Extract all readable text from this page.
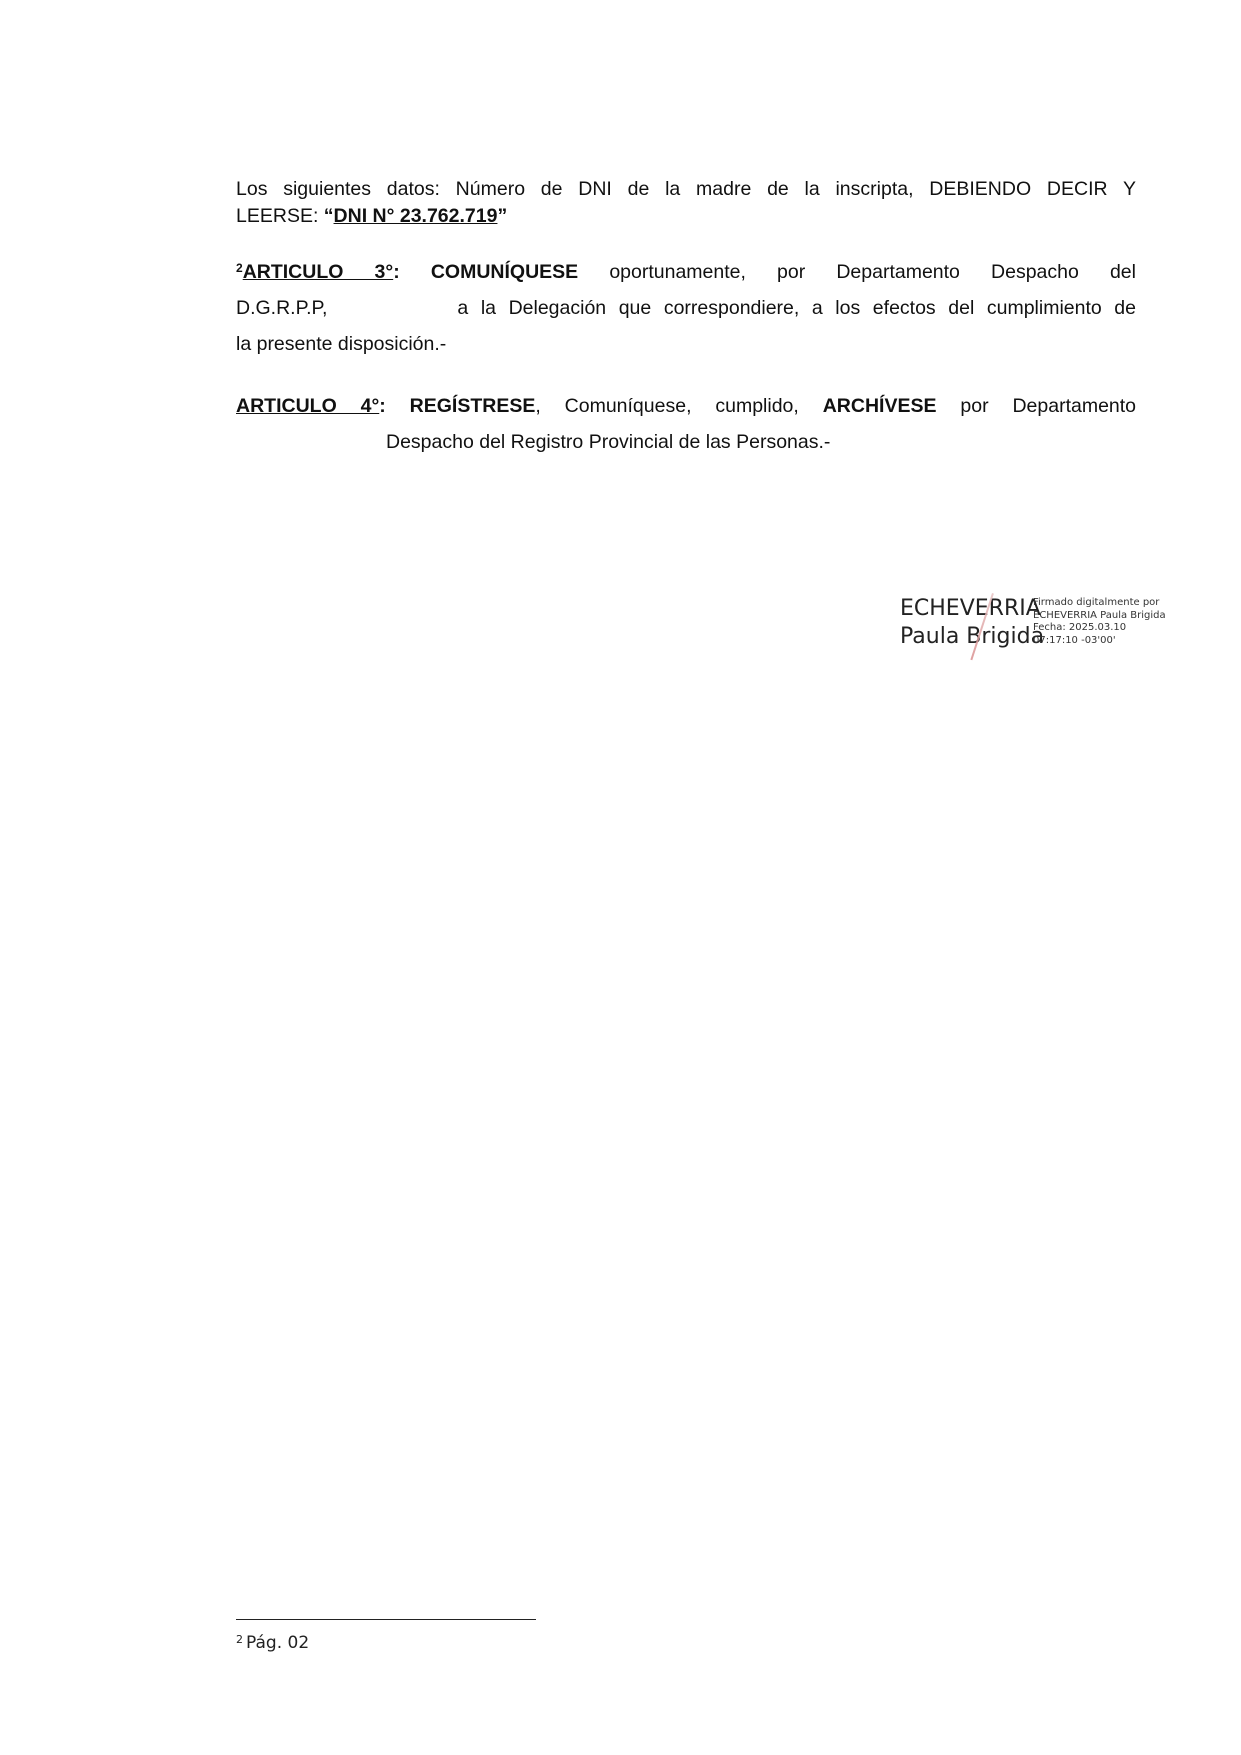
Los siguientes datos: Número de DNI de la madre de la inscripta, DEBIENDO DECIR Y
LEERSE: “DNI N° 23.762.719”
$^2$ARTICULO 3°: COMUNÍQUESE oportunamente, por Departamento Despacho del
D.G.R.P.P,	a la Delegación que correspondiere, a los efectos del cumplimiento de
la presente disposición.-
ARTICULO 4°: REGÍSTRESE, Comuníquese, cumplido, ARCHÍVESE por Departamento
Despacho del Registro Provincial de las Personas.-
ECHEVERRIA
Paula Brigida
Firmado digitalmente por
ECHEVERRIA Paula Brigida
Fecha: 2025.03.10
07:17:10 -03'00'
$^2$ Pág. 02
